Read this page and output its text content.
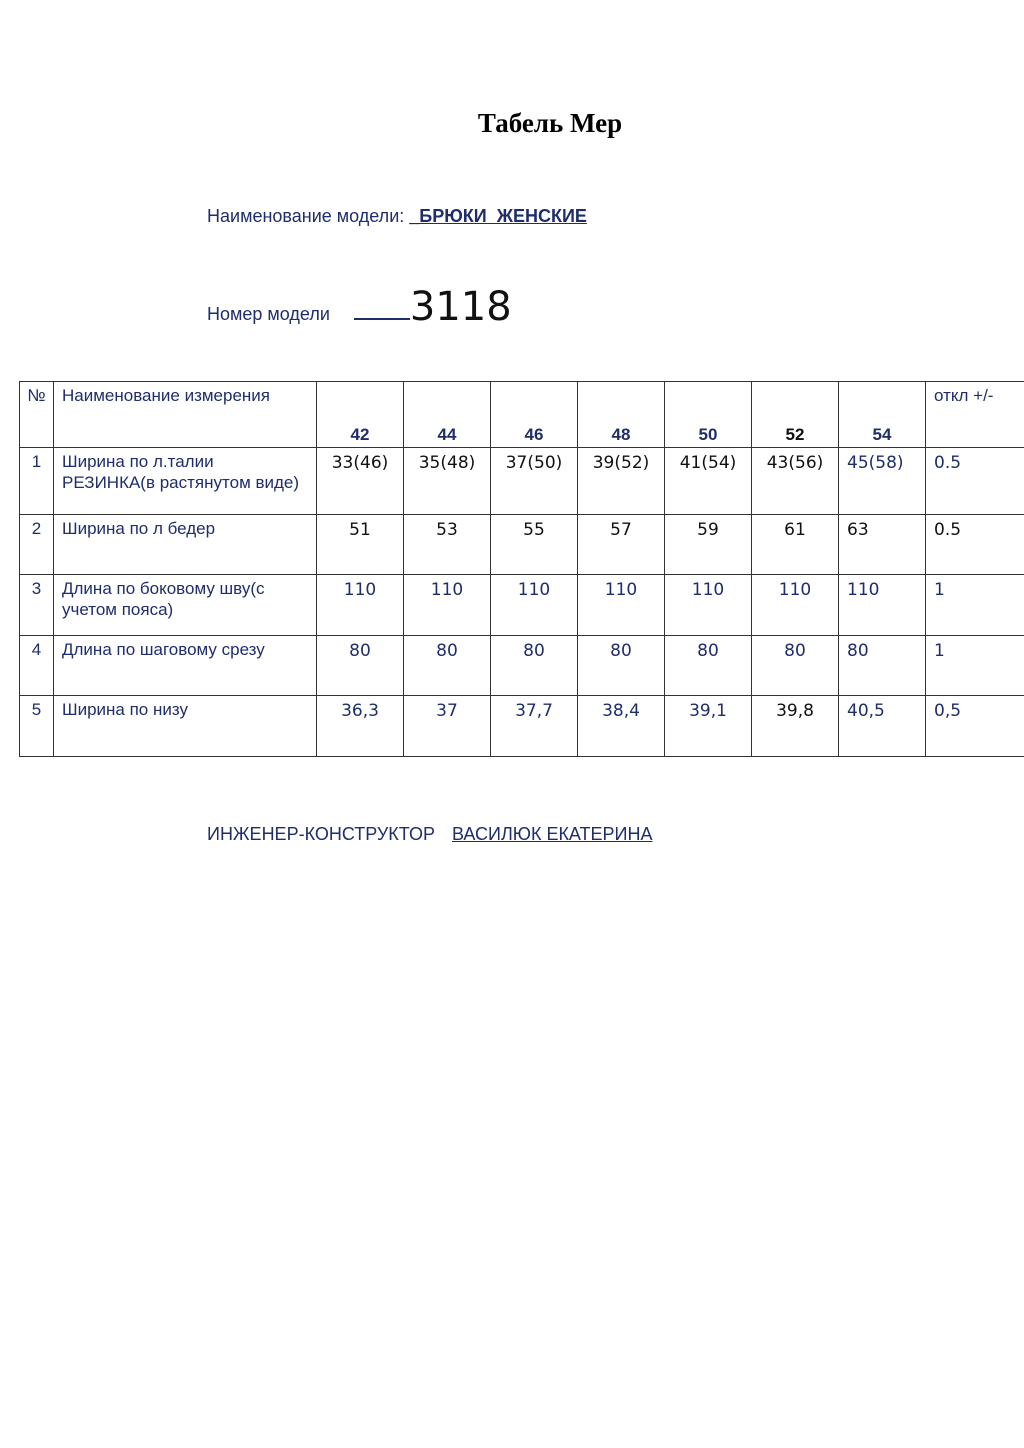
Табель Мер
Наименование модели: _БРЮКИ  ЖЕНСКИЕ
Номер модели 3118
№	Наименование измерения	42	44	46	48	50	52	54	откл +/-
1	Ширина по л.талии РЕЗИНКА(в растянутом виде)	33(46)	35(48)	37(50)	39(52)	41(54)	43(56)	45(58)	0.5
2	Ширина по л бедер	51	53	55	57	59	61	63	0.5
3	Длина по боковому шву(с учетом пояса)	110	110	110	110	110	110	110	1
4	Длина по шаговому срезу	80	80	80	80	80	80	80	1
5	Ширина по низу	36,3	37	37,7	38,4	39,1	39,8	40,5	0,5
ИНЖЕНЕР-КОНСТРУКТОР ВАСИЛЮК ЕКАТЕРИНА
